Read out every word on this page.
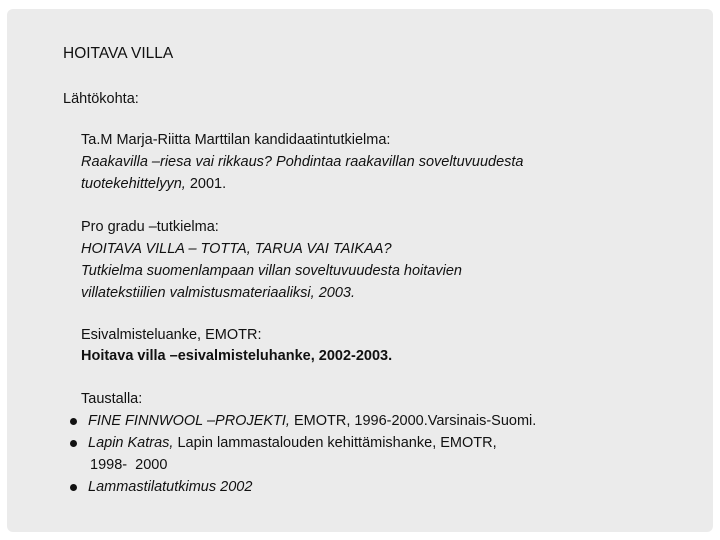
HOITAVA VILLA
Lähtökohta:
Ta.M Marja-Riitta Marttilan kandidaatintutkielma:
Raakavilla –riesa vai rikkaus? Pohdintaa raakavillan soveltuvuudesta
tuotekehittelyyn, 2001.
Pro gradu –tutkielma:
HOITAVA VILLA – TOTTA, TARUA VAI TAIKAA?
Tutkielma suomenlampaan villan soveltuvuudesta hoitavien
villatekstiilien valmistusmateriaaliksi, 2003.
Esivalmisteluanke, EMOTR:
Hoitava villa –esivalmisteluhanke, 2002-2003.
Taustalla:
FINE FINNWOOL –PROJEKTI, EMOTR, 1996-2000.Varsinais-Suomi.
Lapin Katras, Lapin lammastalouden kehittämishanke, EMOTR,
1998-  2000
Lammastilatutkimus 2002
